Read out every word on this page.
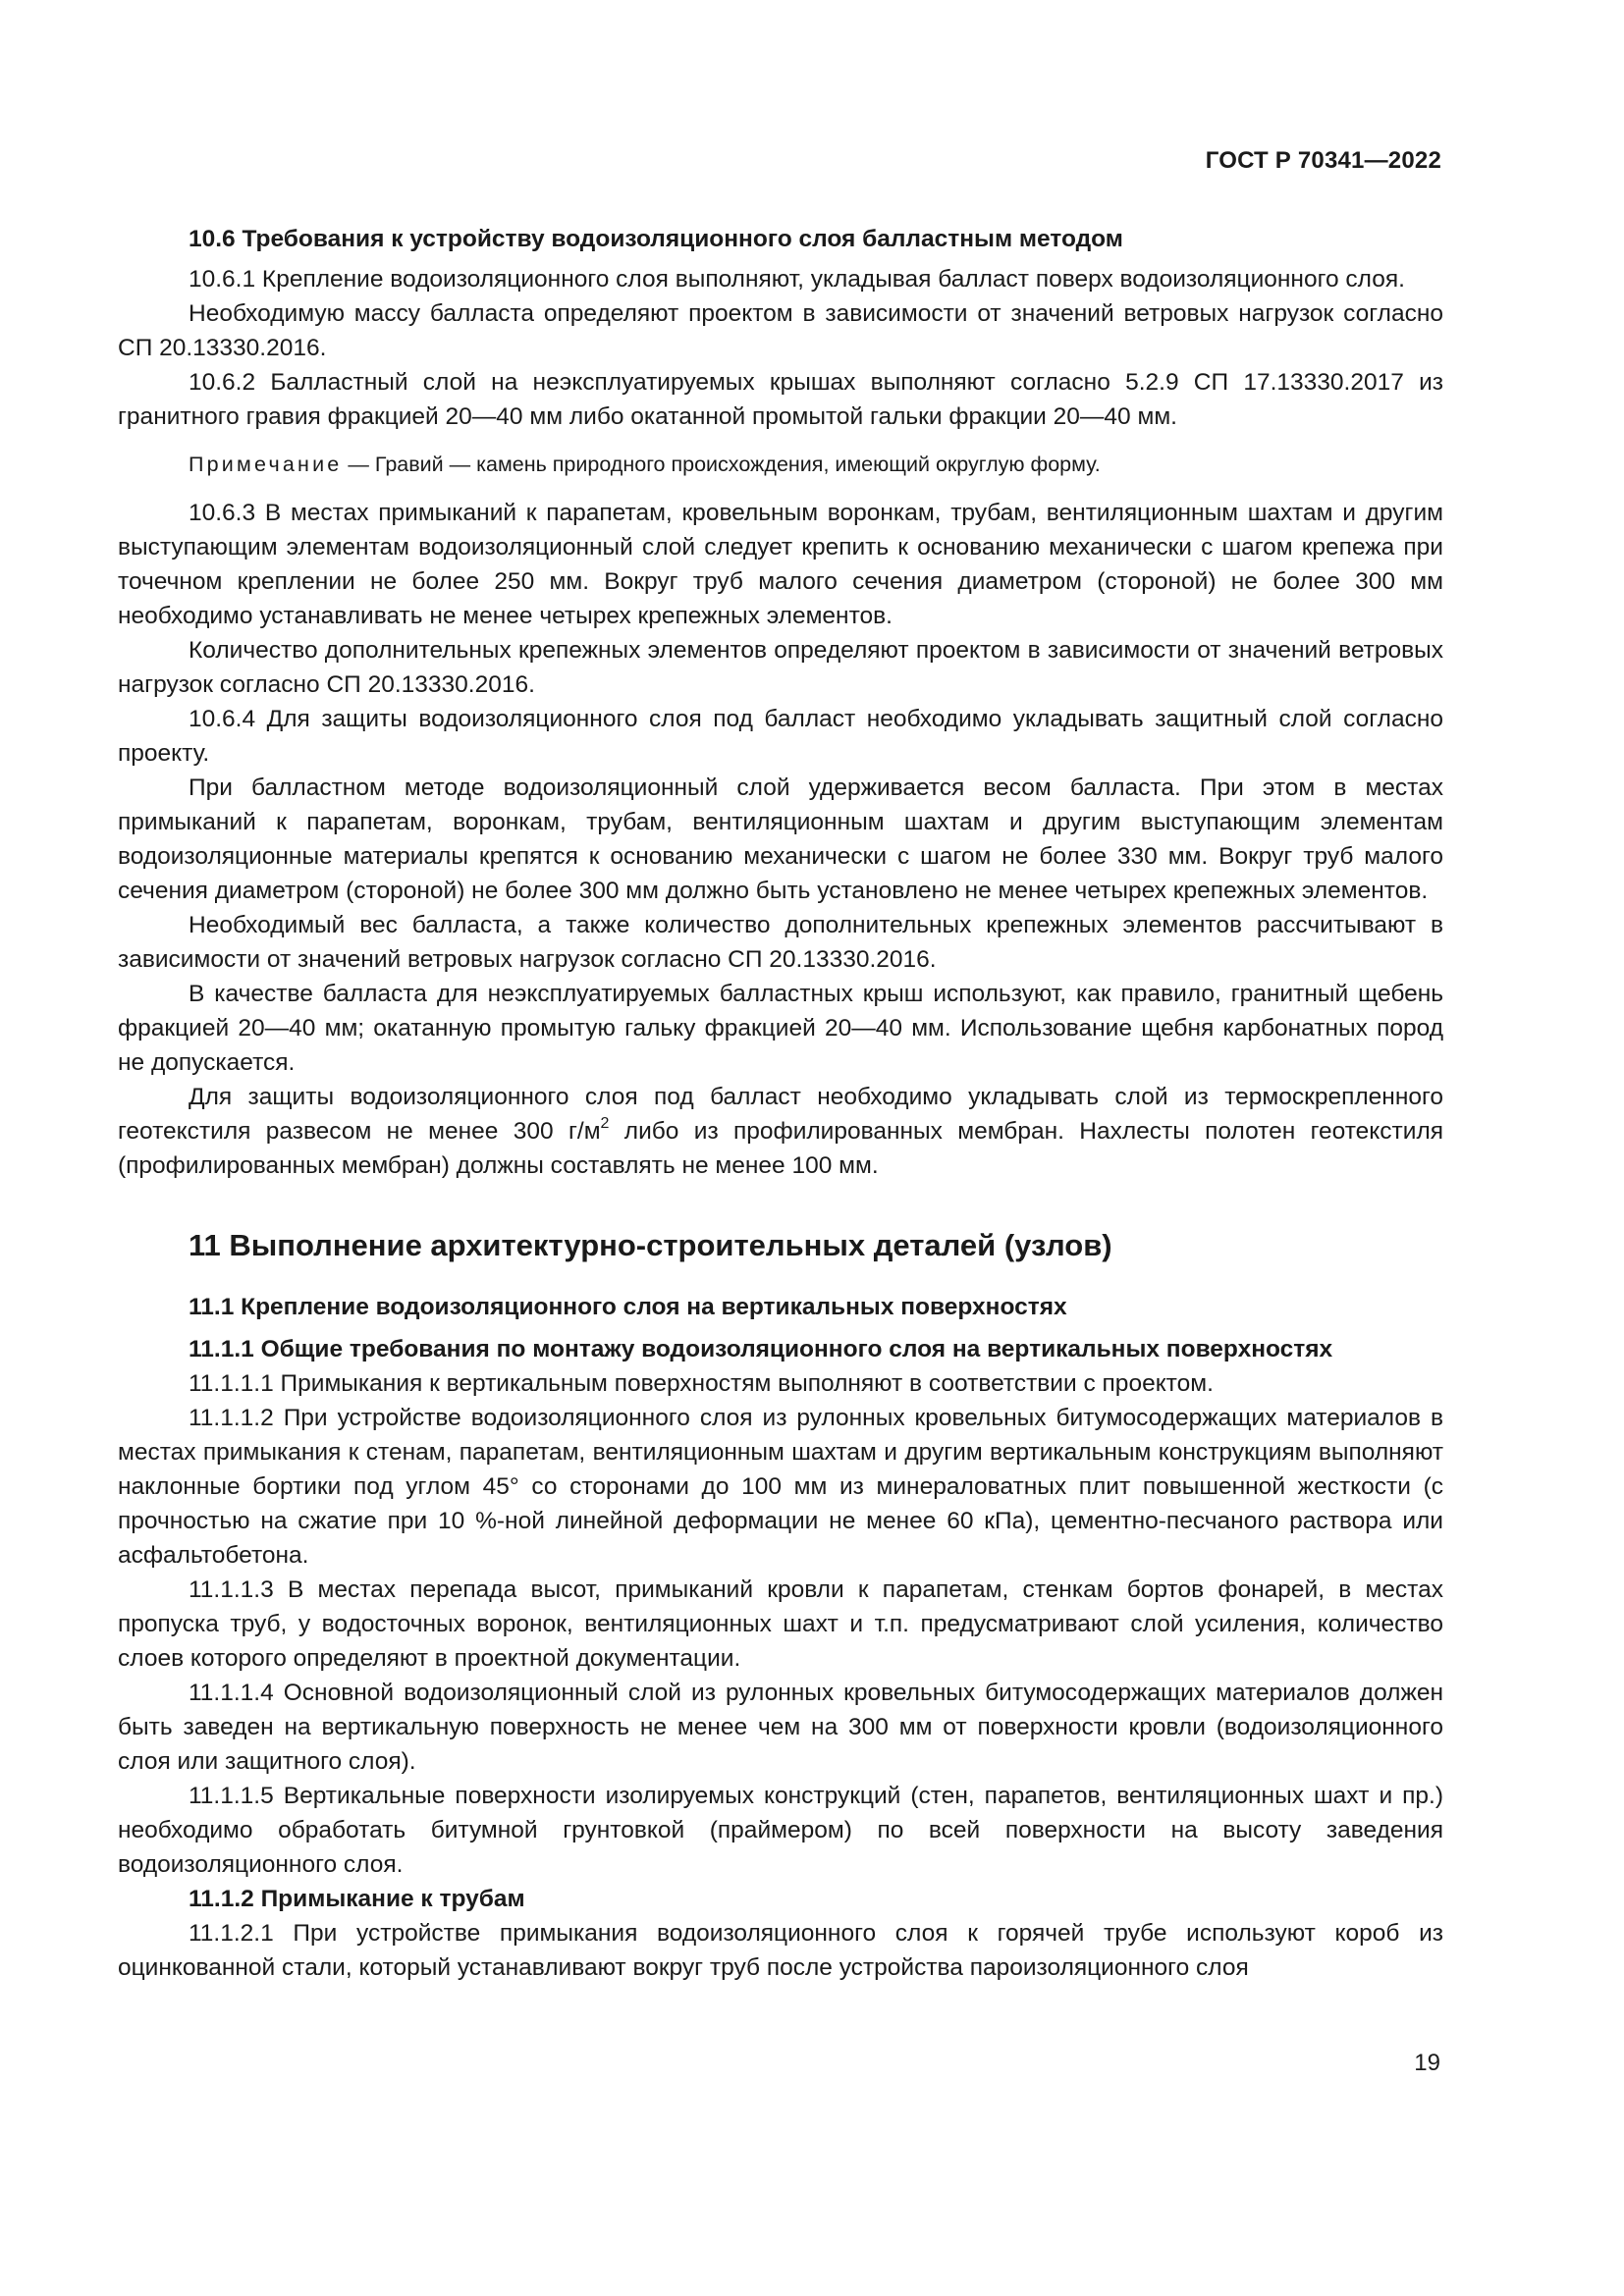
ГОСТ Р 70341—2022

10.6 Требования к устройству водоизоляционного слоя балластным методом

10.6.1 Крепление водоизоляционного слоя выполняют, укладывая балласт поверх водоизоляционного слоя.

Необходимую массу балласта определяют проектом в зависимости от значений ветровых нагрузок согласно СП 20.13330.2016.

10.6.2 Балластный слой на неэксплуатируемых крышах выполняют согласно 5.2.9 СП 17.13330.2017 из гранитного гравия фракцией 20—40 мм либо окатанной промытой гальки фракции 20—40 мм.

Примечание — Гравий — камень природного происхождения, имеющий округлую форму.

10.6.3 В местах примыканий к парапетам, кровельным воронкам, трубам, вентиляционным шахтам и другим выступающим элементам водоизоляционный слой следует крепить к основанию механически с шагом крепежа при точечном креплении не более 250 мм. Вокруг труб малого сечения диаметром (стороной) не более 300 мм необходимо устанавливать не менее четырех крепежных элементов.

Количество дополнительных крепежных элементов определяют проектом в зависимости от значений ветровых нагрузок согласно СП 20.13330.2016.

10.6.4 Для защиты водоизоляционного слоя под балласт необходимо укладывать защитный слой согласно проекту.

При балластном методе водоизоляционный слой удерживается весом балласта. При этом в местах примыканий к парапетам, воронкам, трубам, вентиляционным шахтам и другим выступающим элементам водоизоляционные материалы крепятся к основанию механически с шагом не более 330 мм. Вокруг труб малого сечения диаметром (стороной) не более 300 мм должно быть установлено не менее четырех крепежных элементов.

Необходимый вес балласта, а также количество дополнительных крепежных элементов рассчитывают в зависимости от значений ветровых нагрузок согласно СП 20.13330.2016.

В качестве балласта для неэксплуатируемых балластных крыш используют, как правило, гранитный щебень фракцией 20—40 мм; окатанную промытую гальку фракцией 20—40 мм. Использование щебня карбонатных пород не допускается.

Для защиты водоизоляционного слоя под балласт необходимо укладывать слой из термоскрепленного геотекстиля развесом не менее 300 $г/м^2$ либо из профилированных мембран. Нахлесты полотен геотекстиля (профилированных мембран) должны составлять не менее 100 мм.

11 Выполнение архитектурно-строительных деталей (узлов)

11.1 Крепление водоизоляционного слоя на вертикальных поверхностях

11.1.1 Общие требования по монтажу водоизоляционного слоя на вертикальных поверхностях

11.1.1.1 Примыкания к вертикальным поверхностям выполняют в соответствии с проектом.

11.1.1.2 При устройстве водоизоляционного слоя из рулонных кровельных битумосодержащих материалов в местах примыкания к стенам, парапетам, вентиляционным шахтам и другим вертикальным конструкциям выполняют наклонные бортики под углом 45° со сторонами до 100 мм из минераловатных плит повышенной жесткости (с прочностью на сжатие при 10 %-ной линейной деформации не менее 60 кПа), цементно-песчаного раствора или асфальтобетона.

11.1.1.3 В местах перепада высот, примыканий кровли к парапетам, стенкам бортов фонарей, в местах пропуска труб, у водосточных воронок, вентиляционных шахт и т.п. предусматривают слой усиления, количество слоев которого определяют в проектной документации.

11.1.1.4 Основной водоизоляционный слой из рулонных кровельных битумосодержащих материалов должен быть заведен на вертикальную поверхность не менее чем на 300 мм от поверхности кровли (водоизоляционного слоя или защитного слоя).

11.1.1.5 Вертикальные поверхности изолируемых конструкций (стен, парапетов, вентиляционных шахт и пр.) необходимо обработать битумной грунтовкой (праймером) по всей поверхности на высоту заведения водоизоляционного слоя.

11.1.2 Примыкание к трубам

11.1.2.1 При устройстве примыкания водоизоляционного слоя к горячей трубе используют короб из оцинкованной стали, который устанавливают вокруг труб после устройства пароизоляционного слоя

19
